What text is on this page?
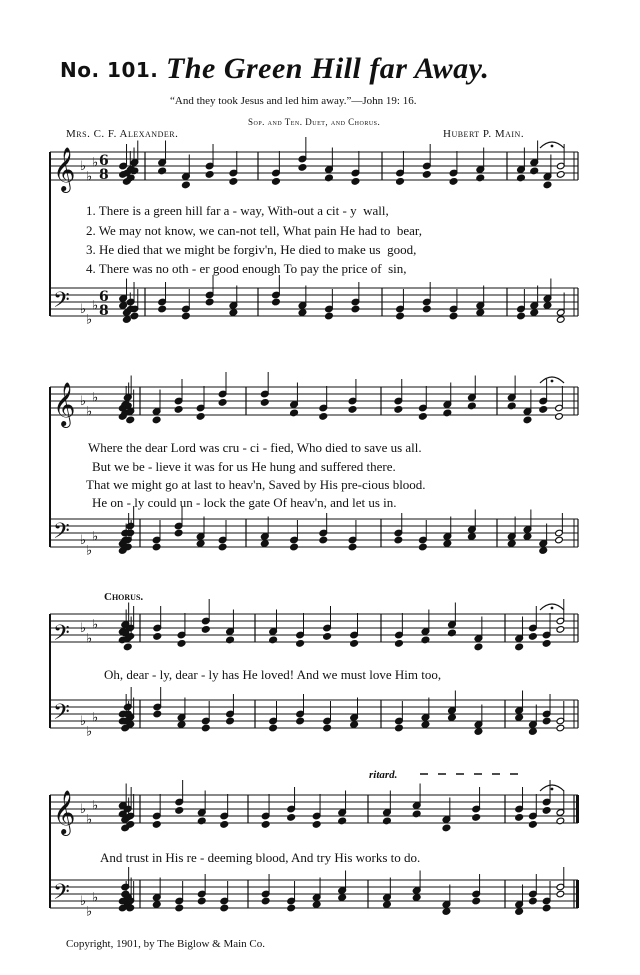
No. 101. The Green Hill far Away.
“And they took Jesus and led him away.”—John 19: 16.
Sop. and Ten. Duet, and Chorus.
Mrs. C. F. Alexander.	Hubert P. Main.
𝄞
𝄢
♭
♭
♭
♭
♭
♭
6
8
6
8
𝄞
𝄢
♭
♭
♭
♭
♭
♭
𝄢
𝄢
♭
♭
♭
♭
♭
♭
𝄞
𝄢
♭
♭
♭
♭
♭
♭
1. There is a green hill far a - way, With-out a cit - y wall,
2. We may not know, we can-not tell, What pain He had to bear,
3. He died that we might be forgiv'n, He died to make us good,
4. There was no oth - er good enough To pay the price of sin,
Where the dear Lord was cru - ci - fied, Who died to save us all.
But we be - lieve it was for us He hung and suffered there.
That we might go at last to heav'n, Saved by His pre-cious blood.
He on - ly could un - lock the gate Of heav'n, and let us in.
Chorus.
Oh, dear - ly, dear - ly has He loved! And we must love Him too,
ritard.
And trust in His re - deeming blood, And try His works to do.
Copyright, 1901, by The Biglow & Main Co.
